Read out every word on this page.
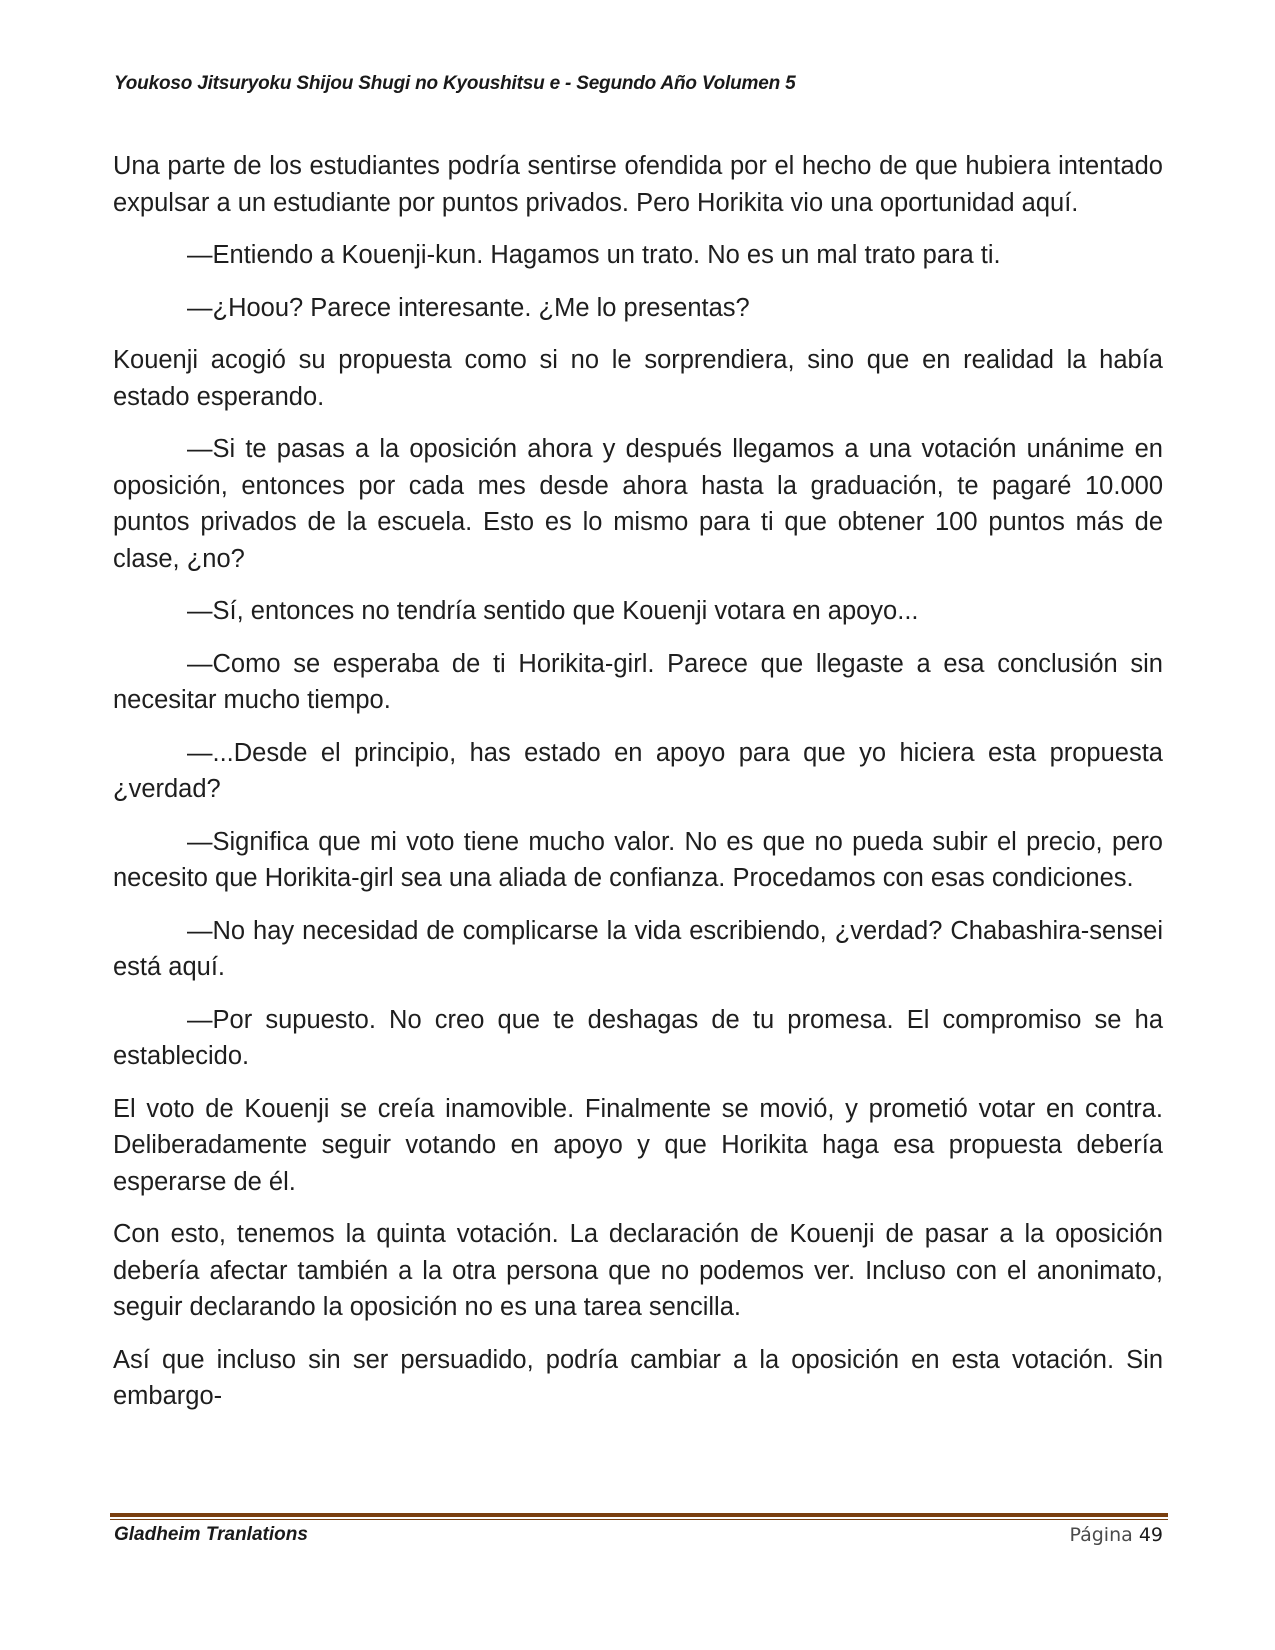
Youkoso Jitsuryoku Shijou Shugi no Kyoushitsu e - Segundo Año Volumen 5

Una parte de los estudiantes podría sentirse ofendida por el hecho de que hubiera intentado expulsar a un estudiante por puntos privados. Pero Horikita vio una oportunidad aquí.

—Entiendo a Kouenji-kun. Hagamos un trato. No es un mal trato para ti.

—¿Hoou? Parece interesante. ¿Me lo presentas?

Kouenji acogió su propuesta como si no le sorprendiera, sino que en realidad la había estado esperando.

—Si te pasas a la oposición ahora y después llegamos a una votación unánime en oposición, entonces por cada mes desde ahora hasta la graduación, te pagaré 10.000 puntos privados de la escuela. Esto es lo mismo para ti que obtener 100 puntos más de clase, ¿no?

—Sí, entonces no tendría sentido que Kouenji votara en apoyo...

—Como se esperaba de ti Horikita-girl. Parece que llegaste a esa conclusión sin necesitar mucho tiempo.

—...Desde el principio, has estado en apoyo para que yo hiciera esta propuesta ¿verdad?

—Significa que mi voto tiene mucho valor. No es que no pueda subir el precio, pero necesito que Horikita-girl sea una aliada de confianza. Procedamos con esas condiciones.

—No hay necesidad de complicarse la vida escribiendo, ¿verdad? Chabashira-sensei está aquí.

—Por supuesto. No creo que te deshagas de tu promesa. El compromiso se ha establecido.

El voto de Kouenji se creía inamovible. Finalmente se movió, y prometió votar en contra. Deliberadamente seguir votando en apoyo y que Horikita haga esa propuesta debería esperarse de él.

Con esto, tenemos la quinta votación. La declaración de Kouenji de pasar a la oposición debería afectar también a la otra persona que no podemos ver. Incluso con el anonimato, seguir declarando la oposición no es una tarea sencilla.

Así que incluso sin ser persuadido, podría cambiar a la oposición en esta votación. Sin embargo-

Gladheim Tranlations	Página 49
